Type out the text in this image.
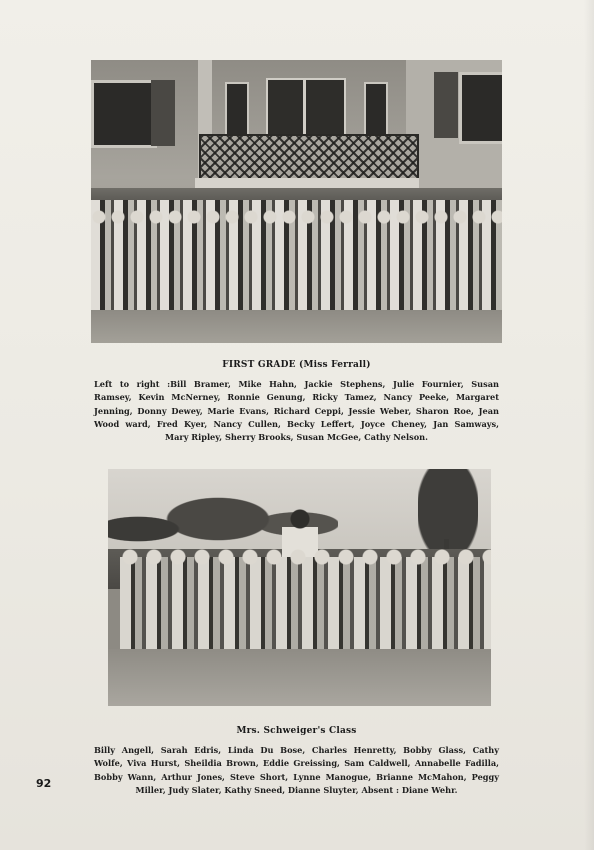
FIRST GRADE (Miss Ferrall)
Left to right :Bill Bramer, Mike Hahn, Jackie Stephens, Julie Fournier, Susan
Ramsey, Kevin McNerney, Ronnie Genung, Ricky Tamez, Nancy Peeke, Margaret
Jenning, Donny Dewey, Marie Evans, Richard Ceppi, Jessie Weber, Sharon Roe, Jean
Wood ward, Fred Kyer, Nancy Cullen, Becky Leffert, Joyce Cheney, Jan Samways,
Mary Ripley, Sherry Brooks, Susan McGee, Cathy Nelson.
Mrs. Schweiger's Class
Billy Angell, Sarah Edris, Linda Du Bose, Charles Henretty, Bobby Glass, Cathy
Wolfe, Viva Hurst, Sheildia Brown, Eddie Greissing, Sam Caldwell, Annabelle Fadilla,
Bobby Wann, Arthur Jones, Steve Short, Lynne Manogue, Brianne McMahon, Peggy
Miller, Judy Slater, Kathy Sneed, Dianne Sluyter, Absent : Diane Wehr.
92
